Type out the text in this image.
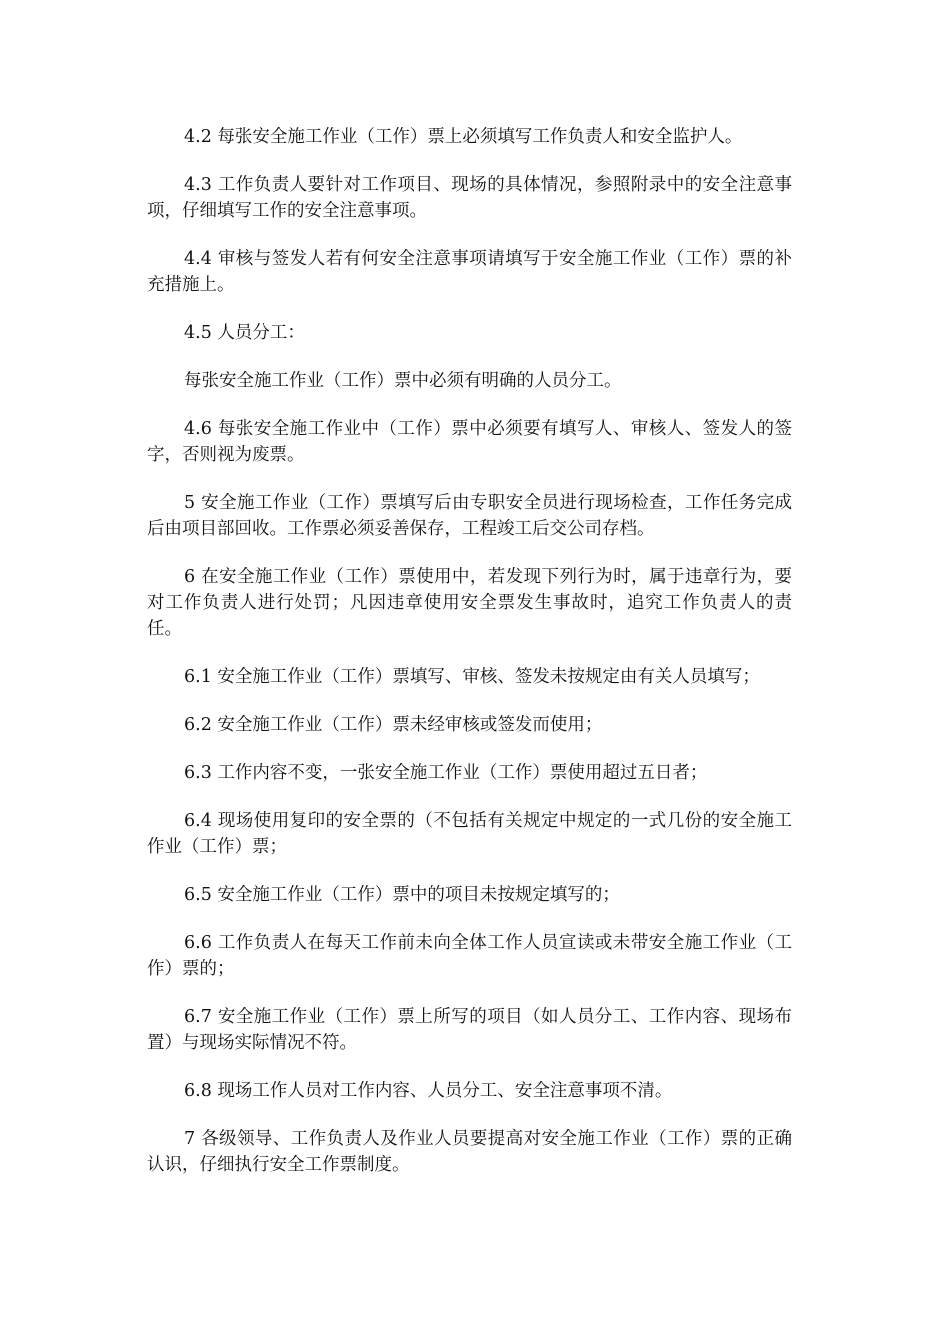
4.2 每张安全施工作业（工作）票上必须填写工作负责人和安全监护人。

4.3 工作负责人要针对工作项目、现场的具体情况，参照附录中的安全注意事项，仔细填写工作的安全注意事项。

4.4 审核与签发人若有何安全注意事项请填写于安全施工作业（工作）票的补充措施上。

4.5 人员分工：

每张安全施工作业（工作）票中必须有明确的人员分工。

4.6 每张安全施工作业中（工作）票中必须要有填写人、审核人、签发人的签字，否则视为废票。

5 安全施工作业（工作）票填写后由专职安全员进行现场检查，工作任务完成后由项目部回收。工作票必须妥善保存，工程竣工后交公司存档。

6 在安全施工作业（工作）票使用中，若发现下列行为时，属于违章行为，要对工作负责人进行处罚；凡因违章使用安全票发生事故时，追究工作负责人的责任。

6.1 安全施工作业（工作）票填写、审核、签发未按规定由有关人员填写；

6.2 安全施工作业（工作）票未经审核或签发而使用；

6.3 工作内容不变，一张安全施工作业（工作）票使用超过五日者；

6.4 现场使用复印的安全票的（不包括有关规定中规定的一式几份的安全施工作业（工作）票；

6.5 安全施工作业（工作）票中的项目未按规定填写的；

6.6 工作负责人在每天工作前未向全体工作人员宣读或未带安全施工作业（工作）票的；

6.7 安全施工作业（工作）票上所写的项目（如人员分工、工作内容、现场布置）与现场实际情况不符。

6.8 现场工作人员对工作内容、人员分工、安全注意事项不清。

7 各级领导、工作负责人及作业人员要提高对安全施工作业（工作）票的正确认识，仔细执行安全工作票制度。
